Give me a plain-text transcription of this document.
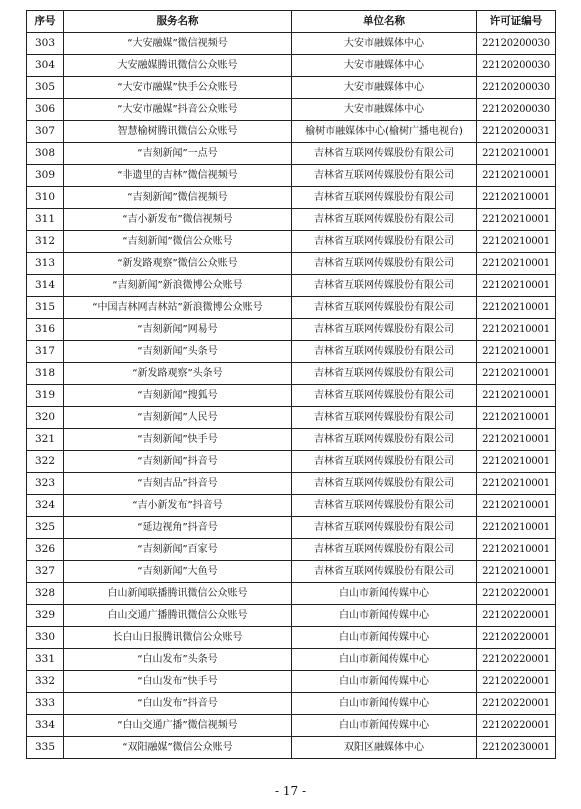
序号	服务名称	单位名称	许可证编号
303	“大安融媒”微信视频号	大安市融媒体中心	22120200030
304	大安融媒腾讯微信公众账号	大安市融媒体中心	22120200030
305	“大安市融媒”快手公众账号	大安市融媒体中心	22120200030
306	“大安市融媒”抖音公众账号	大安市融媒体中心	22120200030
307	智慧榆树腾讯微信公众账号	榆树市融媒体中心(榆树广播电视台)	22120200031
308	“吉刻新闻”一点号	吉林省互联网传媒股份有限公司	22120210001
309	“非遗里的吉林”微信视频号	吉林省互联网传媒股份有限公司	22120210001
310	“吉刻新闻”微信视频号	吉林省互联网传媒股份有限公司	22120210001
311	“吉小新发布”微信视频号	吉林省互联网传媒股份有限公司	22120210001
312	“吉刻新闻”微信公众账号	吉林省互联网传媒股份有限公司	22120210001
313	“新发路观察”微信公众账号	吉林省互联网传媒股份有限公司	22120210001
314	“吉刻新闻”新浪微博公众账号	吉林省互联网传媒股份有限公司	22120210001
315	“中国吉林网吉林站”新浪微博公众账号	吉林省互联网传媒股份有限公司	22120210001
316	“吉刻新闻”网易号	吉林省互联网传媒股份有限公司	22120210001
317	“吉刻新闻”头条号	吉林省互联网传媒股份有限公司	22120210001
318	“新发路观察”头条号	吉林省互联网传媒股份有限公司	22120210001
319	“吉刻新闻”搜狐号	吉林省互联网传媒股份有限公司	22120210001
320	“吉刻新闻”人民号	吉林省互联网传媒股份有限公司	22120210001
321	“吉刻新闻”快手号	吉林省互联网传媒股份有限公司	22120210001
322	“吉刻新闻”抖音号	吉林省互联网传媒股份有限公司	22120210001
323	“吉刻吉品”抖音号	吉林省互联网传媒股份有限公司	22120210001
324	“吉小新发布”抖音号	吉林省互联网传媒股份有限公司	22120210001
325	“延边视角”抖音号	吉林省互联网传媒股份有限公司	22120210001
326	“吉刻新闻”百家号	吉林省互联网传媒股份有限公司	22120210001
327	“吉刻新闻”大鱼号	吉林省互联网传媒股份有限公司	22120210001
328	白山新闻联播腾讯微信公众账号	白山市新闻传媒中心	22120220001
329	白山交通广播腾讯微信公众账号	白山市新闻传媒中心	22120220001
330	长白山日报腾讯微信公众账号	白山市新闻传媒中心	22120220001
331	“白山发布”头条号	白山市新闻传媒中心	22120220001
332	“白山发布”快手号	白山市新闻传媒中心	22120220001
333	“白山发布”抖音号	白山市新闻传媒中心	22120220001
334	“白山交通广播”微信视频号	白山市新闻传媒中心	22120220001
335	“双阳融媒”微信公众账号	双阳区融媒体中心	22120230001
- 17 -
